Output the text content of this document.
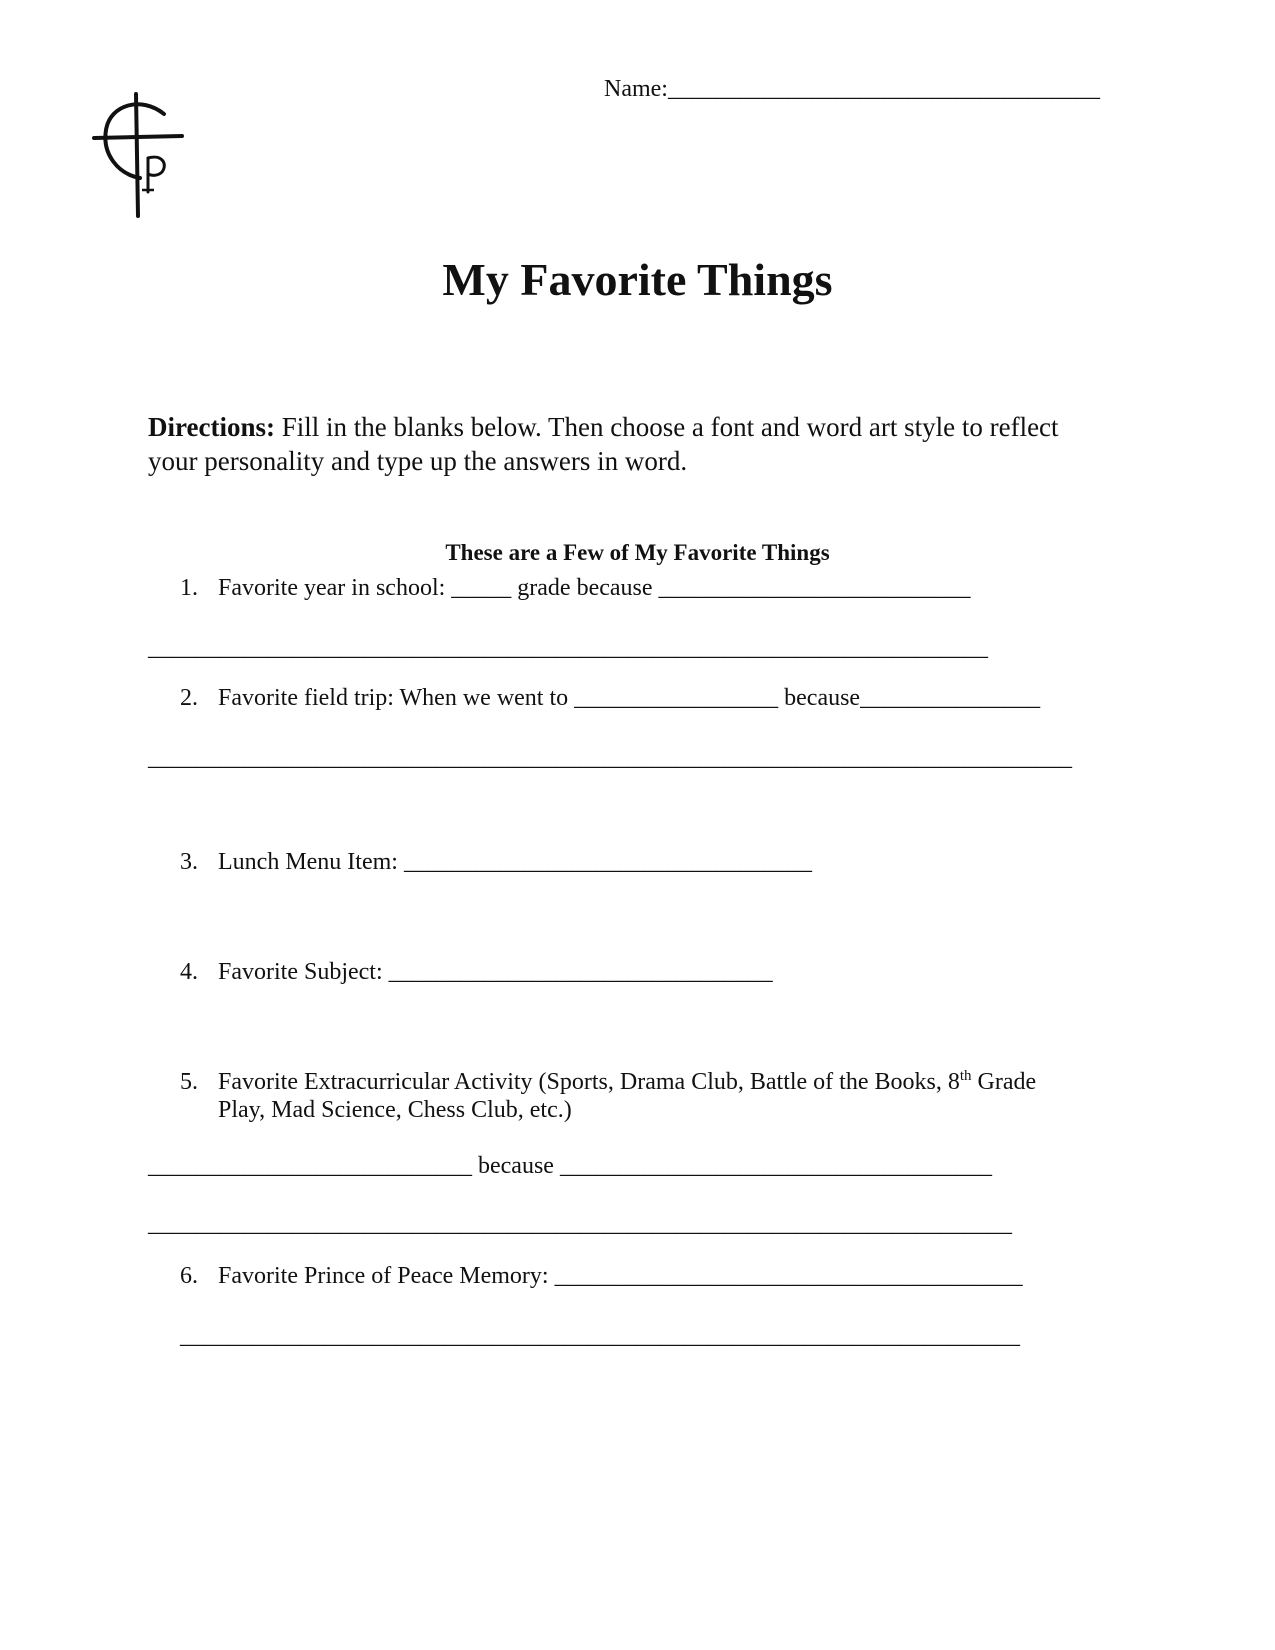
Name:____________________________________
My Favorite Things

Directions: Fill in the blanks below. Then choose a font and word art style to reflect your personality and type up the answers in word.

These are a Few of My Favorite Things
1. Favorite year in school: _____ grade because __________________________
______________________________________________________________________
2. Favorite field trip: When we went to _________________ because_______________
_____________________________________________________________________________
3. Lunch Menu Item: __________________________________
4. Favorite Subject: ________________________________
5. Favorite Extracurricular Activity (Sports, Drama Club, Battle of the Books, 8th Grade
Play, Mad Science, Chess Club, etc.)
___________________________ because ____________________________________
________________________________________________________________________
6. Favorite Prince of Peace Memory: _______________________________________
______________________________________________________________________
